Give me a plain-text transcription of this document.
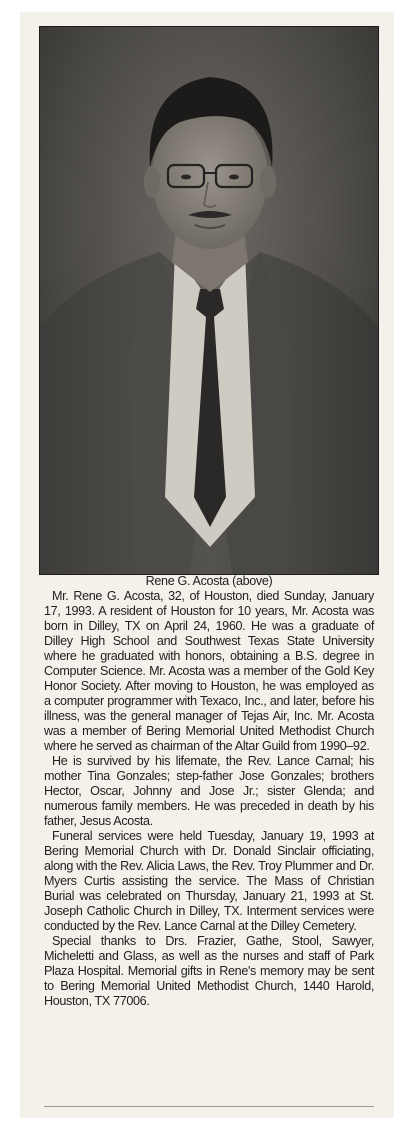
Rene G. Acosta (above)

Mr. Rene G. Acosta, 32, of Houston, died Sunday, January 17, 1993. A resident of Houston for 10 years, Mr. Acosta was born in Dilley, TX on April 24, 1960. He was a graduate of Dilley High School and Southwest Texas State University where he graduated with honors, obtaining a B.S. degree in Computer Science. Mr. Acosta was a member of the Gold Key Honor Society. After moving to Houston, he was employed as a computer programmer with Texaco, Inc., and later, before his illness, was the general manager of Tejas Air, Inc. Mr. Acosta was a member of Bering Memorial United Methodist Church where he served as chairman of the Altar Guild from 1990–92.

He is survived by his lifemate, the Rev. Lance Carnal; his mother Tina Gonzales; step-father Jose Gonzales; brothers Hector, Oscar, Johnny and Jose Jr.; sister Glenda; and numerous family members. He was preceded in death by his father, Jesus Acosta.

Funeral services were held Tuesday, January 19, 1993 at Bering Memorial Church with Dr. Donald Sinclair officiating, along with the Rev. Alicia Laws, the Rev. Troy Plummer and Dr. Myers Curtis assisting the service. The Mass of Christian Burial was celebrated on Thursday, January 21, 1993 at St. Joseph Catholic Church in Dilley, TX. Interment services were conducted by the Rev. Lance Carnal at the Dilley Cemetery.

Special thanks to Drs. Frazier, Gathe, Stool, Sawyer, Micheletti and Glass, as well as the nurses and staff of Park Plaza Hospital. Memorial gifts in Rene's memory may be sent to Bering Memorial United Methodist Church, 1440 Harold, Houston, TX 77006.
